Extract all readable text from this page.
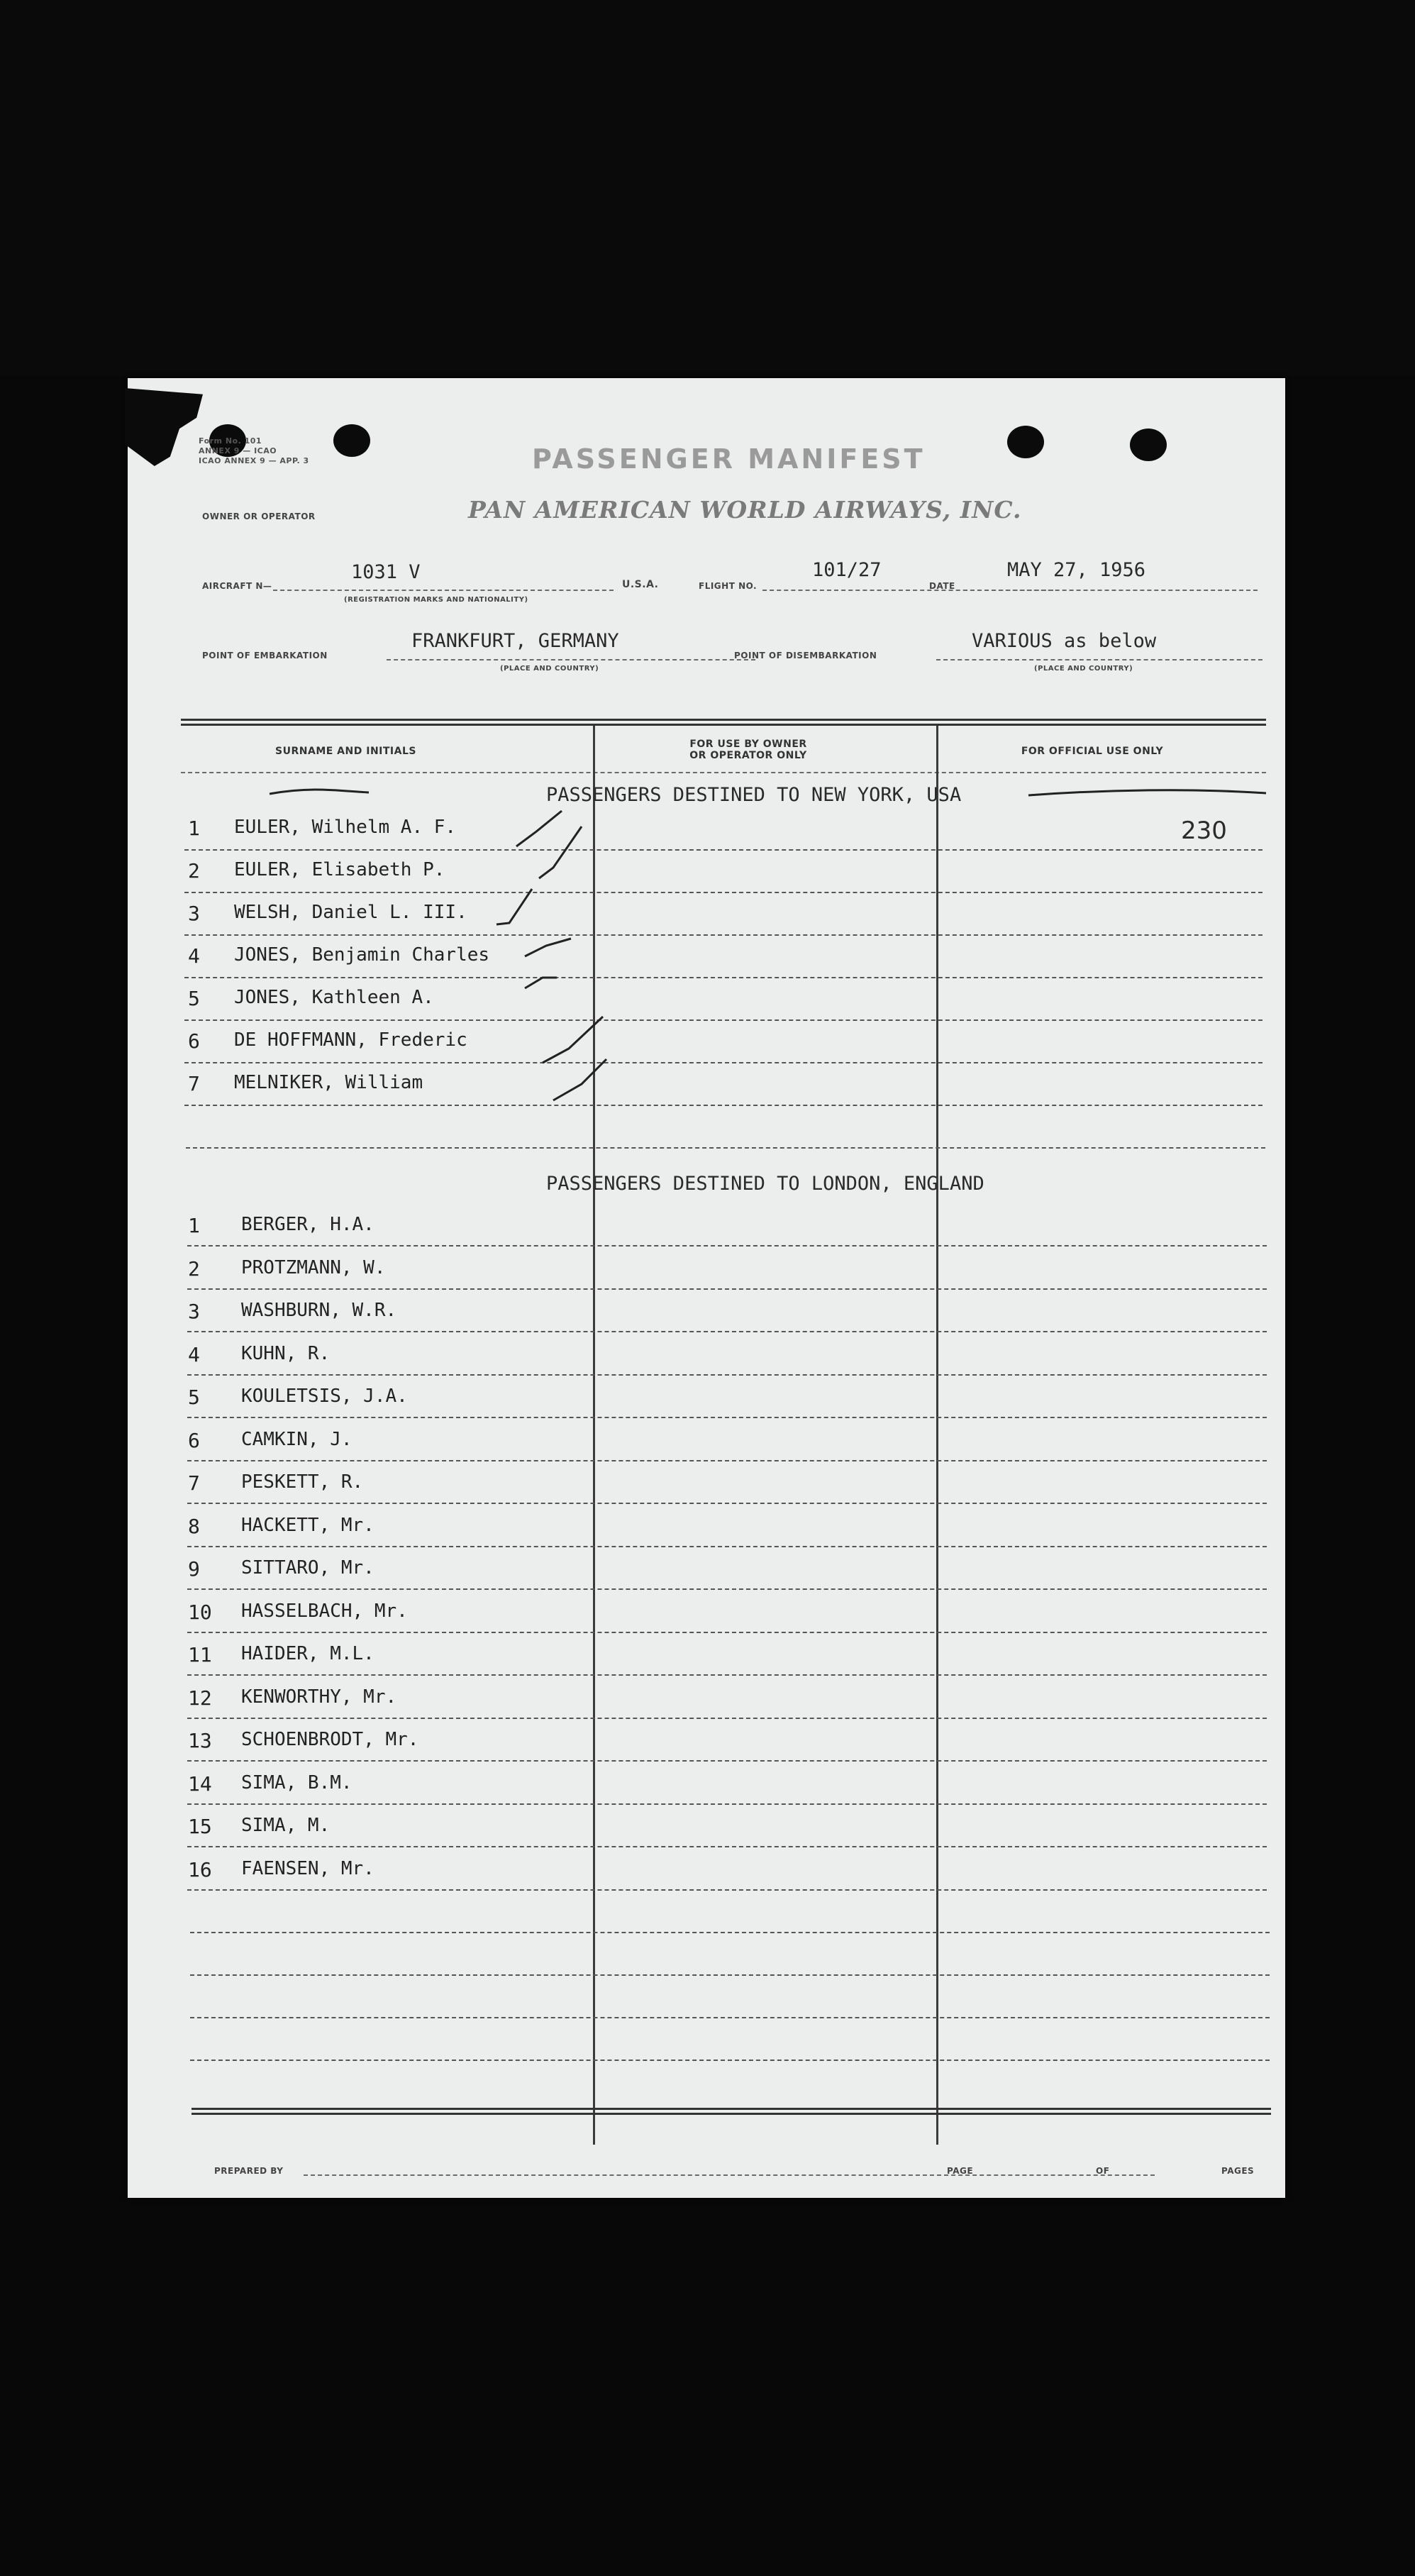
Form No. 101
ANNEX 9 — ICAO
ICAO ANNEX 9 — APP. 3
OWNER OR OPERATOR
PASSENGER MANIFEST
PAN AMERICAN WORLD AIRWAYS, INC.
AIRCRAFT N—
1031 V
(REGISTRATION MARKS AND NATIONALITY)
U.S.A.	FLIGHT NO.
101/27
DATE
MAY 27, 1956
POINT OF EMBARKATION
FRANKFURT, GERMANY
(PLACE AND COUNTRY)
POINT OF DISEMBARKATION
VARIOUS as below
(PLACE AND COUNTRY)
SURNAME AND INITIALS
FOR USE BY OWNER
OR OPERATOR ONLY	FOR OFFICIAL USE ONLY
PASSENGERS DESTINED TO NEW YORK, USA
230
1 EULER, Wilhelm A. F.
2 EULER, Elisabeth P.
3 WELSH, Daniel L. III.
4 JONES, Benjamin Charles
5 JONES, Kathleen A.
6 DE HOFFMANN, Frederic
7 MELNIKER, William
PASSENGERS DESTINED TO LONDON, ENGLAND
1 BERGER, H.A.
2 PROTZMANN, W.
3 WASHBURN, W.R.
4 KUHN, R.
5 KOULETSIS, J.A.
6 CAMKIN, J.
7 PESKETT, R.
8 HACKETT, Mr.
9 SITTARO, Mr.
10 HASSELBACH, Mr.
11 HAIDER, M.L.
12 KENWORTHY, Mr.
13 SCHOENBRODT, Mr.
14 SIMA, B.M.
15 SIMA, M.
16 FAENSEN, Mr.
PREPARED BY	PAGE	OF	PAGES
